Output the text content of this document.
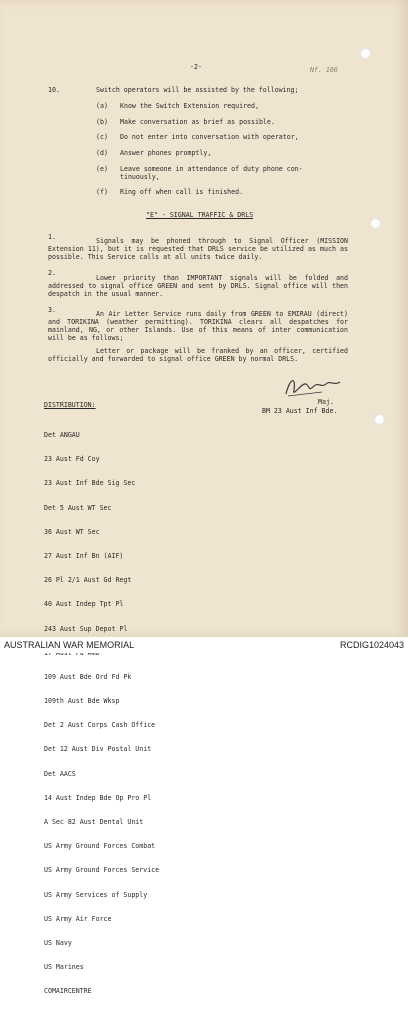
-2-	Nf. 106
10.	Switch operators will be assisted by the following;
(a) Know the Switch Extension required,
(b) Make conversation as brief as possible.
(c) Do not enter into conversation with operator,
(d) Answer phones promptly,
(e) Leave someone in attendance of duty phone con-
tinuously,
(f) Ring off when call is finished.
"E" - SIGNAL TRAFFIC & DRLS
1.	Signals may be phoned through to Signal Officer (MISSION Extension 11), but it is requested that DRLS service be utilized as much as possible. This Service calls at all units twice daily.
2.
Lower priority than IMPORTANT signals will be folded and addressed to signal office GREEN and sent by DRLS. Signal office will then despatch in the usual manner.
3.	An Air Letter Service runs daily from GREEN to EMIRAU (direct) and TORIKINA (weather permitting). TORIKINA clears all despatches for mainland, NG, or other Islands. Use of this means of inter communication will be as follows;
Letter or package will be franked by an officer, certified officially and forwarded to signal office GREEN by normal DRLS.
Maj.
BM 23 Aust Inf Bde.
DISTRIBUTION:

Det ANGAU

23 Aust Fd Coy

23 Aust Inf Bde Sig Sec

Det 5 Aust WT Sec

36 Aust WT Sec

27 Aust Inf Bn (AIF)

26 Pl 2/1 Aust Gd Regt

40 Aust Indep Tpt Pl

243 Aust Sup Depot Pl

109 Aust Bde Ord Fd Pk

109th Aust Bde Wksp

Det 2 Aust Corps Cash Office

Det 12 Aust Div Postal Unit

Det AACS

14 Aust Indep Bde Op Pro Pl

A Sec 82 Aust Dental Unit

US Army Ground Forces Combat

US Army Ground Forces Service

US Army Services of Supply

US Army Air Force

US Navy

US Marines

COMAIRCENTRE

AUSTRALIAN WAR MEMORIAL	RCDIG1024043
